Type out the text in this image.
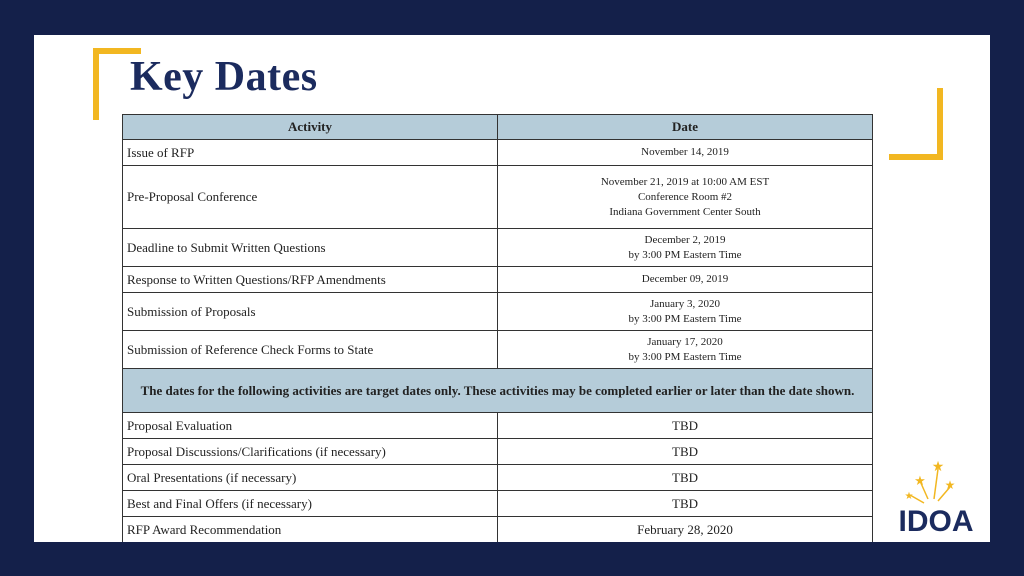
Key Dates
Activity	Date
Issue of RFP	November 14, 2019

Pre-Proposal Conference	November 21, 2019 at 10:00 AM EST
Conference Room #2
Indiana Government Center South

Deadline to Submit Written Questions	December 2, 2019
by 3:00 PM Eastern Time

Response to Written Questions/RFP Amendments	December 09, 2019

Submission of Proposals	January 3, 2020
by 3:00 PM Eastern Time

Submission of Reference Check Forms to State	January 17, 2020
by 3:00 PM Eastern Time

The dates for the following activities are target dates only. These activities may be completed earlier or later than the date shown.	
Proposal Evaluation	TBD
Proposal Discussions/Clarifications (if necessary)	TBD
Oral Presentations (if necessary)	TBD
Best and Final Offers (if necessary)	TBD
RFP Award Recommendation	February 28, 2020
★
★
★
★
IDOA
